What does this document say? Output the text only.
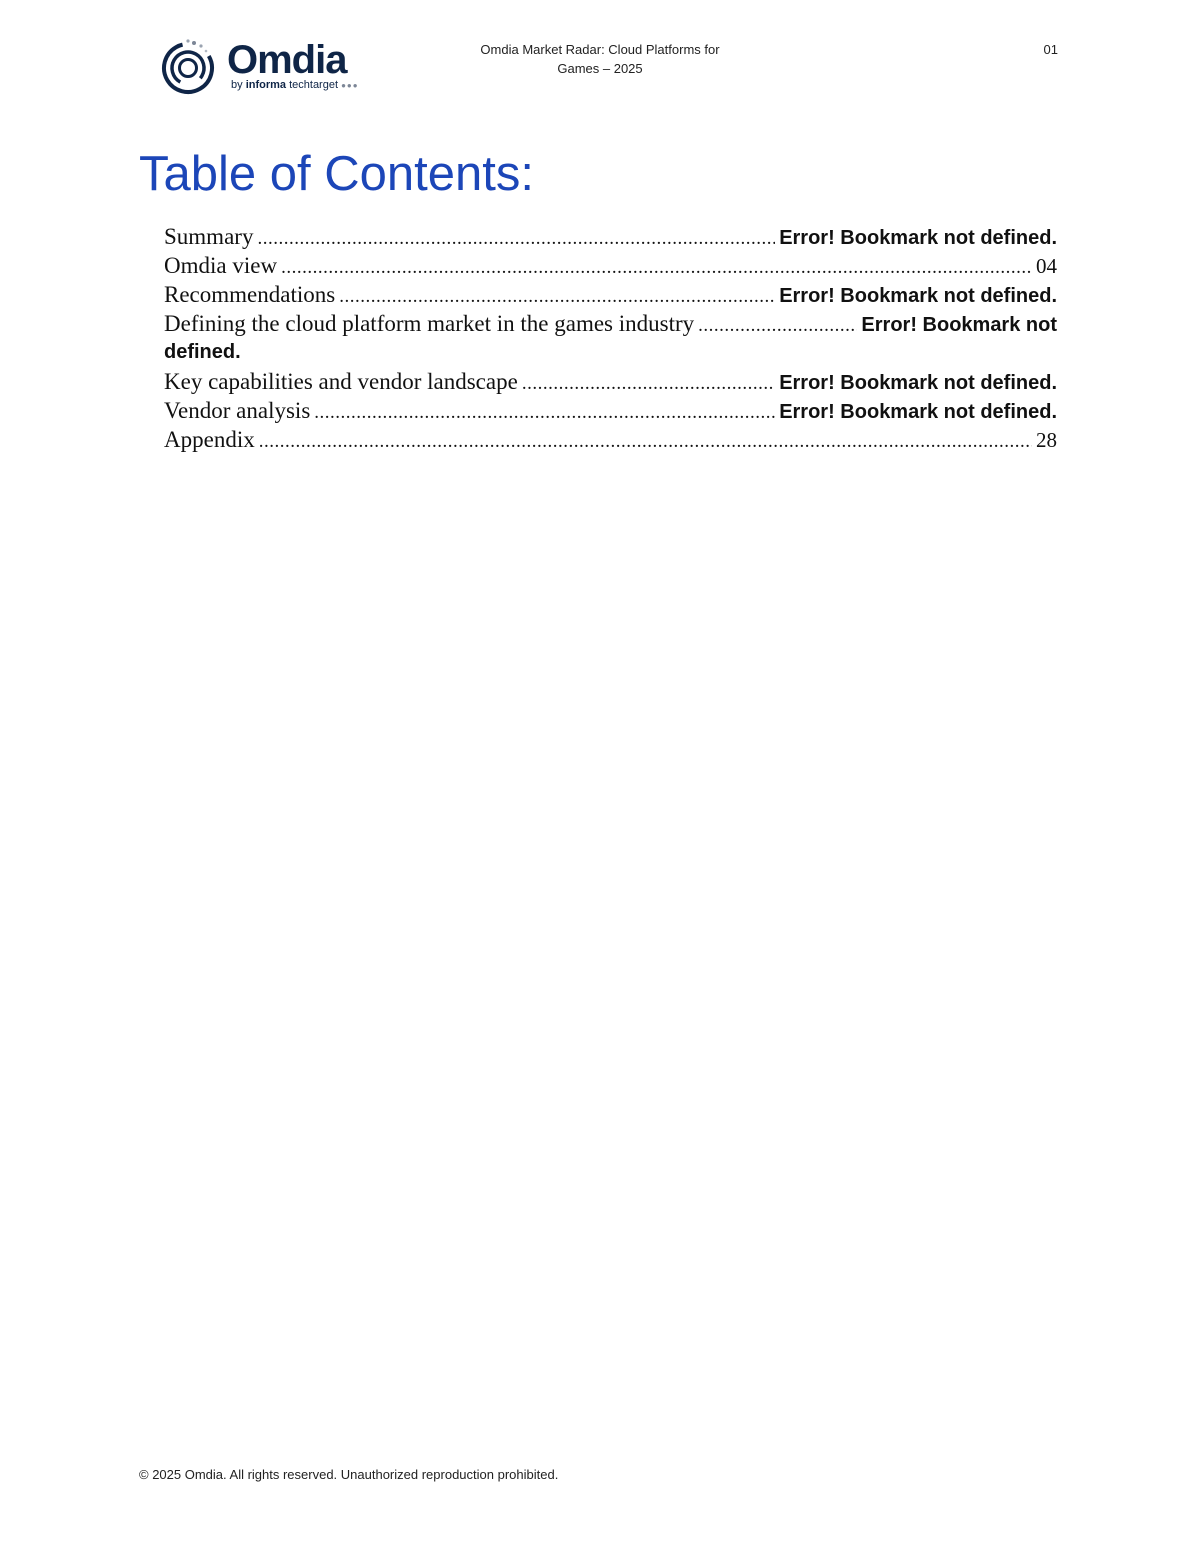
Omdia
by informa techtarget ●●●
Omdia Market Radar: Cloud Platforms for
Games – 2025
01
Table of Contents:
Summary .....	Error! Bookmark not defined.
Omdia view .....	04
Recommendations .....	Error! Bookmark not defined.
Defining the cloud platform market in the games industry .....	Error! Bookmark not
defined.
Key capabilities and vendor landscape .....	Error! Bookmark not defined.
Vendor analysis .....	Error! Bookmark not defined.
Appendix .....	28
© 2025 Omdia. All rights reserved. Unauthorized reproduction prohibited.
